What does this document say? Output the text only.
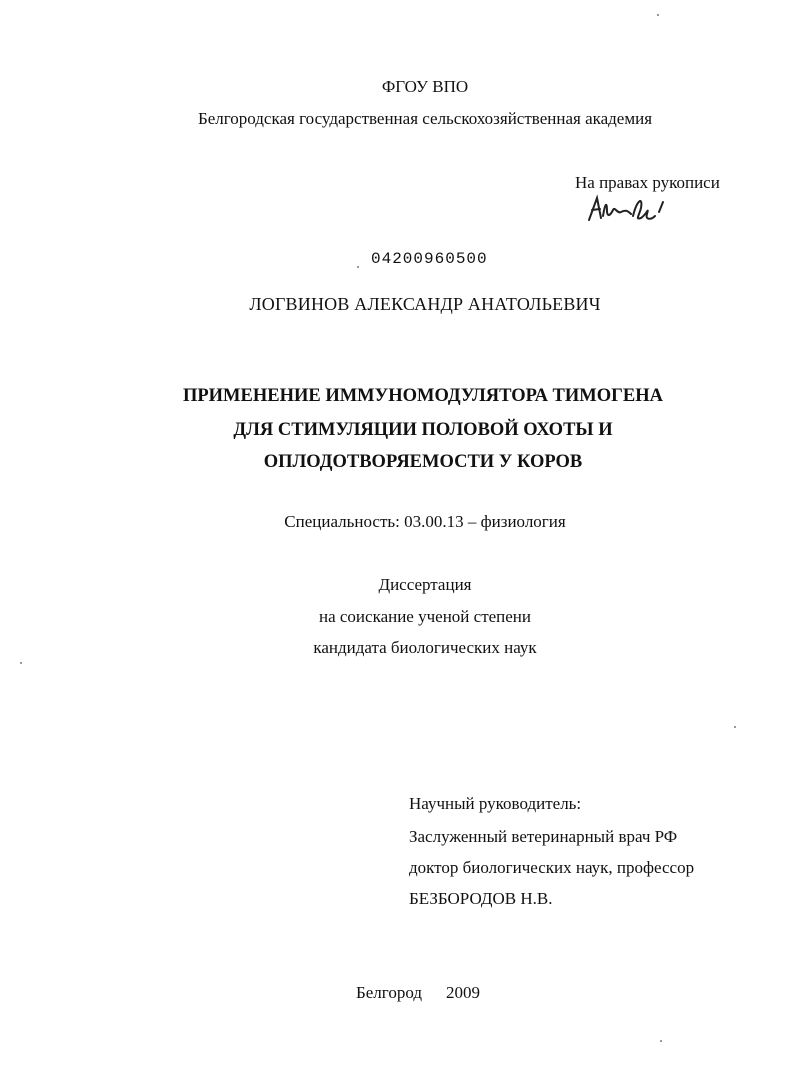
ФГОУ ВПО
Белгородская государственная сельскохозяйственная академия
На правах рукописи
04200960500
ЛОГВИНОВ АЛЕКСАНДР АНАТОЛЬЕВИЧ
ПРИМЕНЕНИЕ ИММУНОМОДУЛЯТОРА ТИМОГЕНА
ДЛЯ СТИМУЛЯЦИИ ПОЛОВОЙ ОХОТЫ И
ОПЛОДОТВОРЯЕМОСТИ У КОРОВ
Специальность: 03.00.13 – физиология
Диссертация
на соискание ученой степени
кандидата биологических наук
Научный руководитель:
Заслуженный ветеринарный врач РФ
доктор биологических наук, профессор
БЕЗБОРОДОВ Н.В.
Белгород 2009
